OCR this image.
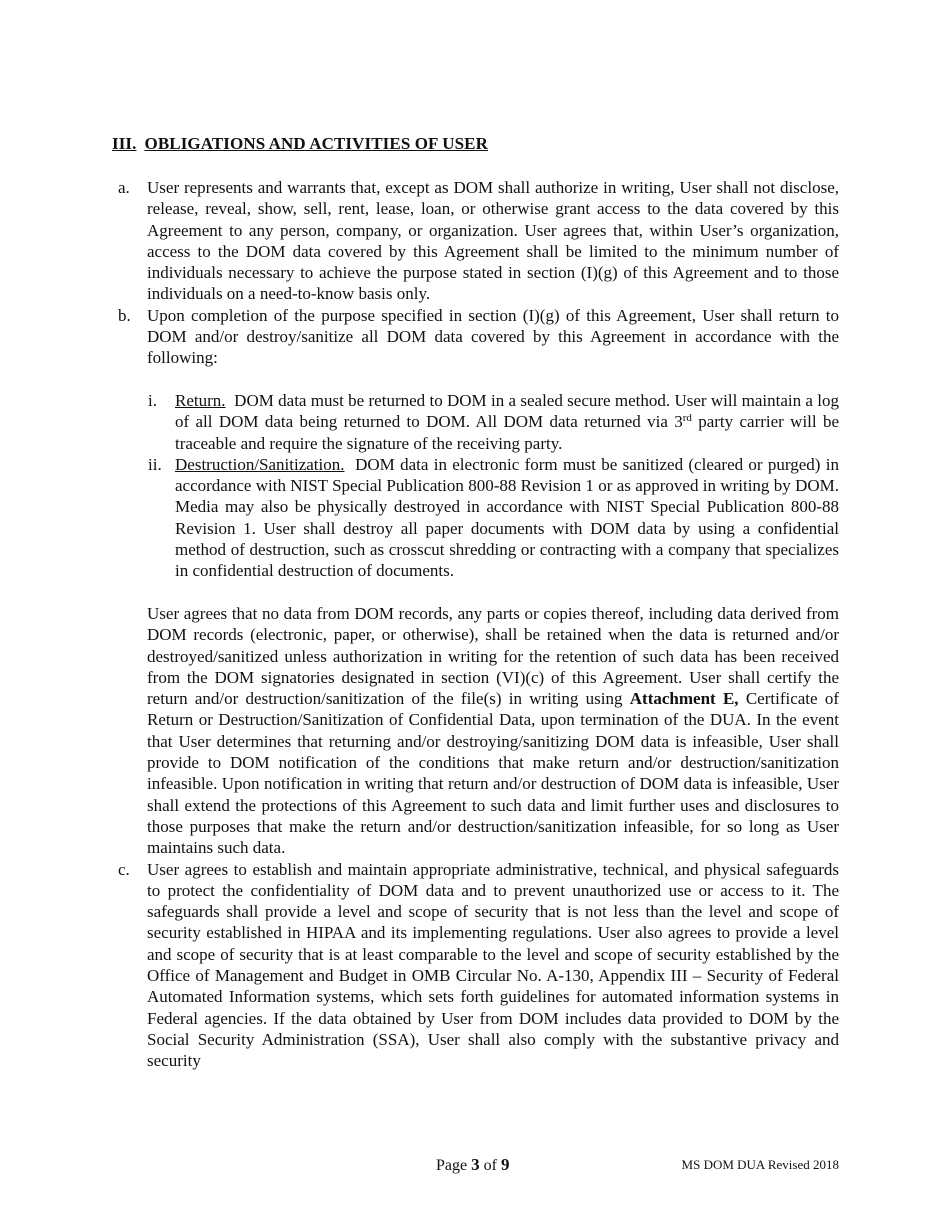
III. OBLIGATIONS AND ACTIVITIES OF USER
a. User represents and warrants that, except as DOM shall authorize in writing, User shall not disclose, release, reveal, show, sell, rent, lease, loan, or otherwise grant access to the data covered by this Agreement to any person, company, or organization. User agrees that, within User’s organization, access to the DOM data covered by this Agreement shall be limited to the minimum number of individuals necessary to achieve the purpose stated in section (I)(g) of this Agreement and to those individuals on a need-to-know basis only.
b. Upon completion of the purpose specified in section (I)(g) of this Agreement, User shall return to DOM and/or destroy/sanitize all DOM data covered by this Agreement in accordance with the following:
i. Return. DOM data must be returned to DOM in a sealed secure method. User will maintain a log of all DOM data being returned to DOM. All DOM data returned via 3rd party carrier will be traceable and require the signature of the receiving party.
ii. Destruction/Sanitization. DOM data in electronic form must be sanitized (cleared or purged) in accordance with NIST Special Publication 800-88 Revision 1 or as approved in writing by DOM. Media may also be physically destroyed in accordance with NIST Special Publication 800-88 Revision 1. User shall destroy all paper documents with DOM data by using a confidential method of destruction, such as crosscut shredding or contracting with a company that specializes in confidential destruction of documents.
User agrees that no data from DOM records, any parts or copies thereof, including data derived from DOM records (electronic, paper, or otherwise), shall be retained when the data is returned and/or destroyed/sanitized unless authorization in writing for the retention of such data has been received from the DOM signatories designated in section (VI)(c) of this Agreement. User shall certify the return and/or destruction/sanitization of the file(s) in writing using Attachment E, Certificate of Return or Destruction/Sanitization of Confidential Data, upon termination of the DUA. In the event that User determines that returning and/or destroying/sanitizing DOM data is infeasible, User shall provide to DOM notification of the conditions that make return and/or destruction/sanitization infeasible. Upon notification in writing that return and/or destruction of DOM data is infeasible, User shall extend the protections of this Agreement to such data and limit further uses and disclosures to those purposes that make the return and/or destruction/sanitization infeasible, for so long as User maintains such data.
c. User agrees to establish and maintain appropriate administrative, technical, and physical safeguards to protect the confidentiality of DOM data and to prevent unauthorized use or access to it. The safeguards shall provide a level and scope of security that is not less than the level and scope of security established in HIPAA and its implementing regulations. User also agrees to provide a level and scope of security that is at least comparable to the level and scope of security established by the Office of Management and Budget in OMB Circular No. A-130, Appendix III – Security of Federal Automated Information systems, which sets forth guidelines for automated information systems in Federal agencies. If the data obtained by User from DOM includes data provided to DOM by the Social Security Administration (SSA), User shall also comply with the substantive privacy and security
Page 3 of 9	MS DOM DUA Revised 2018
